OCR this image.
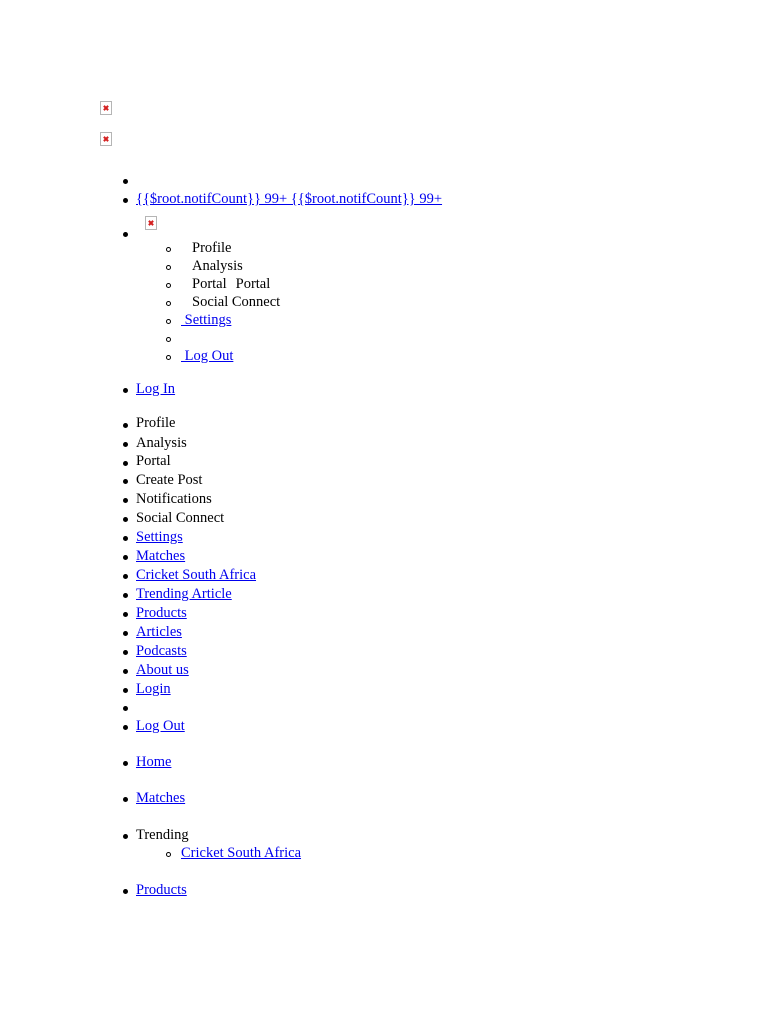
{{$root.notifCount}} 99+ {{$root.notifCount}} 99+
Profile
Analysis
Portal Portal
Social Connect
Settings
Log Out
Log In
Profile
Analysis
Portal
Create Post
Notifications
Social Connect
Settings
Matches
Cricket South Africa
Trending Article
Products
Articles
Podcasts
About us
Login
Log Out
Home
Matches
Trending
Cricket South Africa
Products
